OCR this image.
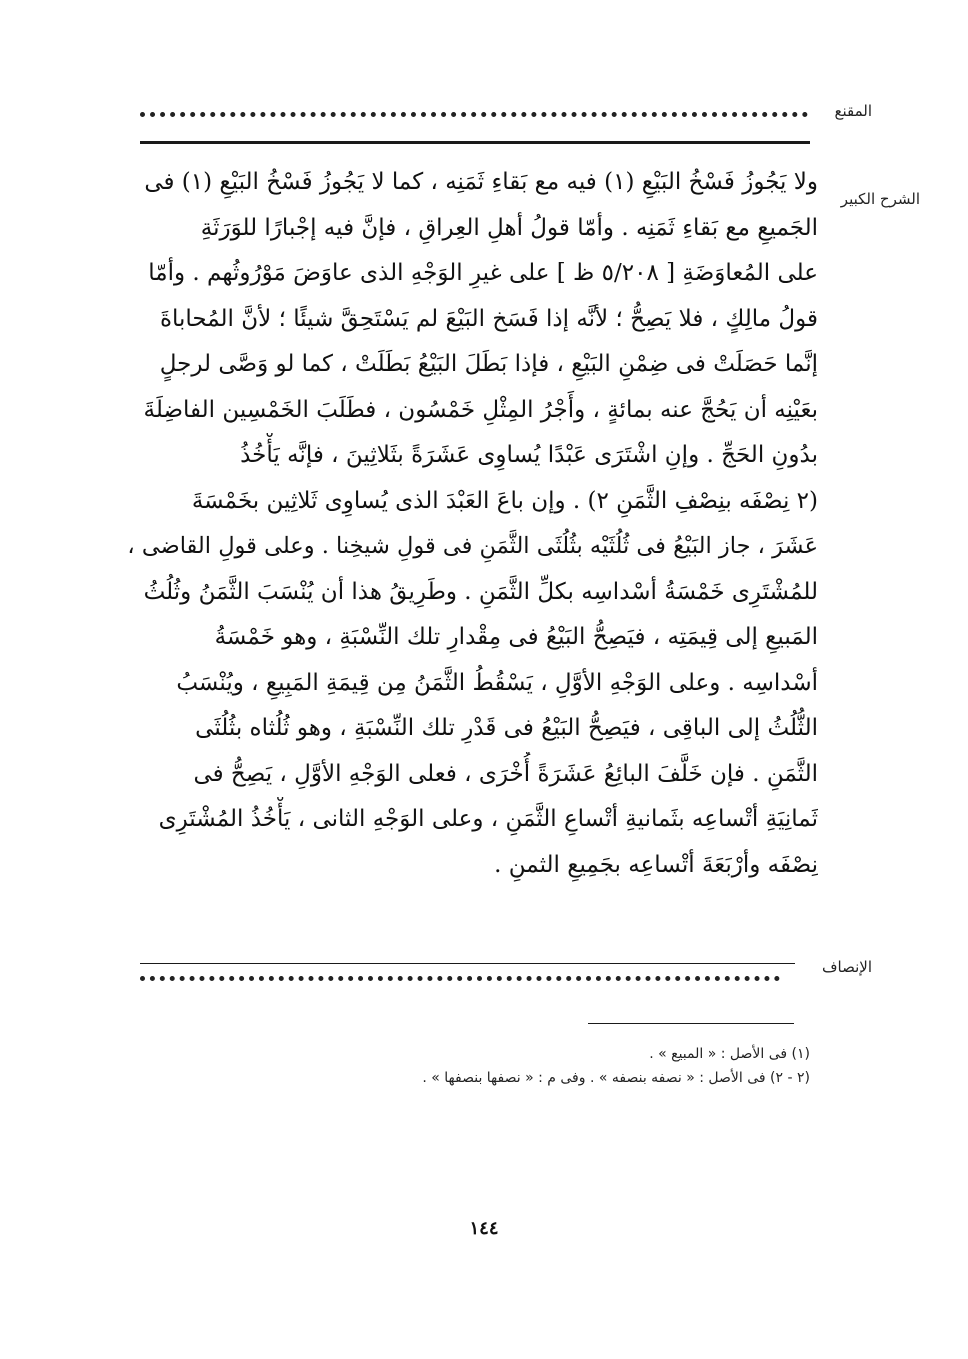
المقنع
الشرح الكبير
ولا يَجُوزُ فَسْخُ البَيْعِ (١) فيه مع بَقاءِ ثَمَنِه ، كما لا يَجُوزُ فَسْخُ البَيْعِ (١) فى
الجَميعِ مع بَقاءِ ثَمَنِه . وأمّا قولُ أهلِ العِراقِ ، فإنَّ فيه إجْبارًا للوَرَثَةِ
على المُعاوَضَةِ [ ٥/٢٠٨ ظ ] على غيرِ الوَجْهِ الذى عاوَضَ مَوْرُوثُهم . وأمّا
قولُ مالِكٍ ، فلا يَصِحُّ ؛ لأنَّه إذا فَسَخ البَيْعَ لم يَسْتَحِقَّ شيئًا ؛ لأنَّ المُحاباةَ
إنَّما حَصَلَتْ فى ضِمْنِ البَيْعِ ، فإذا بَطَلَ البَيْعُ بَطَلَتْ ، كما لو وَصَّى لرجلٍ
بعَيْنِه أن يَحُجَّ عنه بمائةٍ ، وأَجْرُ المِثْلِ خَمْسُون ، فطَلَبَ الخَمْسِين الفاضِلَةَ
بدُونِ الحَجِّ . وإنِ اشْتَرَى عَبْدًا يُساوِى عَشَرَةً بثَلاثِينَ ، فإنَّه يَأْخُذُ
(٢ نِصْفَه بنِصْفِ الثَّمَنِ ٢) . وإن باعَ العَبْدَ الذى يُساوِى ثَلاثِين بخَمْسَةَ
عَشَرَ ، جاز البَيْعُ فى ثُلُثَيْه بثُلُثَى الثَّمَنِ فى قولِ شيخِنا . وعلى قولِ القاضى ،
للمُشْتَرِى خَمْسَةُ أسْداسِه بكلِّ الثَّمَنِ . وطَرِيقُ هذا أن يُنْسَبَ الثَّمَنُ وثُلُثُ
المَبيعِ إلى قِيمَتِه ، فيَصِحُّ البَيْعُ فى مِقْدارِ تلك النِّسْبَةِ ، وهو خَمْسَةُ
أسْداسِه . وعلى الوَجْهِ الأوَّلِ ، يَسْقُطُ الثَّمَنُ مِن قِيمَةِ المَبِيعِ ، ويُنْسَبُ
الثُّلُثُ إلى الباقِى ، فيَصِحُّ البَيْعُ فى قَدْرِ تلك النِّسْبَةِ ، وهو ثُلُثاه بثُلُثَى
الثَّمَنِ . فإن خَلَّفَ البائِعُ عَشَرَةً أُخْرَى ، فعلى الوَجْهِ الأوَّلِ ، يَصِحُّ فى
ثَمانِيَةِ أتْساعِه بثَمانيةِ أتْساعِ الثَّمَنِ ، وعلى الوَجْهِ الثانى ، يَأْخُذُ المُشْتَرِى
نِصْفَه وأرْبَعَةَ أتْساعِه بجَمِيعِ الثمنِ .
الإنصاف
(١) فى الأصل : « المبيع » .
(٢ - ٢) فى الأصل : « نصفه بنصفه » . وفى م : « نصفها بنصفها » .
١٤٤
